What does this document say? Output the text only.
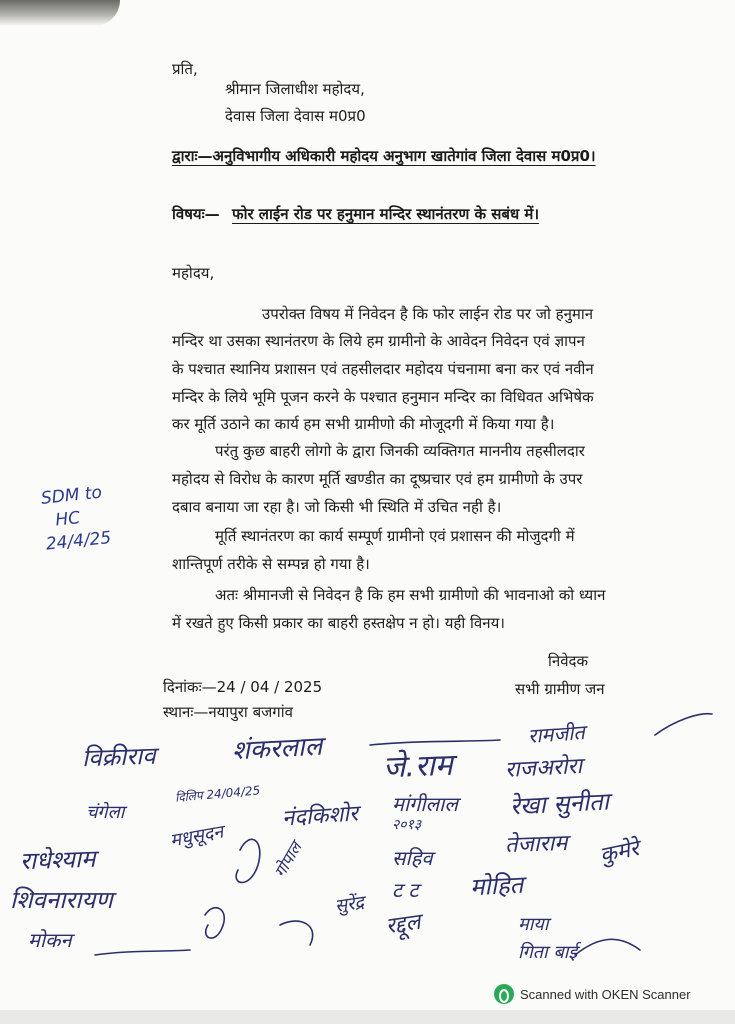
प्रति,
श्रीमान जिलाधीश महोदय,
देवास जिला देवास म0प्र0
द्वाराः—अनुविभागीय अधिकारी महोदय अनुभाग खातेगांव जिला देवास म0प्र0।
विषयः— फोर लाईन रोड पर हनुमान मन्दिर स्थानंतरण के सबंध में।
महोदय,
उपरोक्त विषय में निवेदन है कि फोर लाईन रोड पर जो हनुमान
मन्दिर था उसका स्थानंतरण के लिये हम ग्रामीनो के आवेदन निवेदन एवं ज्ञापन
के पश्चात स्थानिय प्रशासन एवं तहसीलदार महोदय पंचनामा बना कर एवं नवीन
मन्दिर के लिये भूमि पूजन करने के पश्चात हनुमान मन्दिर का विधिवत अभिषेक
कर मूर्ति उठाने का कार्य हम सभी ग्रामीणो की मोजूदगी में किया गया है।
परंतु कुछ बाहरी लोगो के द्वारा जिनकी व्यक्तिगत माननीय तहसीलदार
महोदय से विरोध के कारण मूर्ति खण्डीत का दूष्प्रचार एवं हम ग्रामीणो के उपर
दबाव बनाया जा रहा है। जो किसी भी स्थिति में उचित नही है।
मूर्ति स्थानंतरण का कार्य सम्पूर्ण ग्रामीनो एवं प्रशासन की मोजुदगी में
शान्तिपूर्ण तरीके से सम्पन्न हो गया है।
अतः श्रीमानजी से निवेदन है कि हम सभी ग्रामीणो की भावनाओ को ध्यान
में रखते हुए किसी प्रकार का बाहरी हस्तक्षेप न हो। यही विनय।
निवेदक
सभी ग्रामीण जन
दिनांकः—24 / 04 / 2025
स्थानः—नयापुरा बजगांव
SDM to
HC
24/4/25
विक्रीराव	शंकरलाल जे.राम
रामजीत
राजअरोरा
चंगेला
दिलिप 24/04/25
नंदकिशोर मांगीलाल रेखा सुनीता
राधेश्याम
मधुसूदन	२०१३
सहिव	तेजाराम कुमेरे
शिवनारायण
गोपाल
सुरेंद्र
ट ट मोहित
रद्दूल
मोकन
माया
गिता बाई
Scanned with OKEN Scanner
